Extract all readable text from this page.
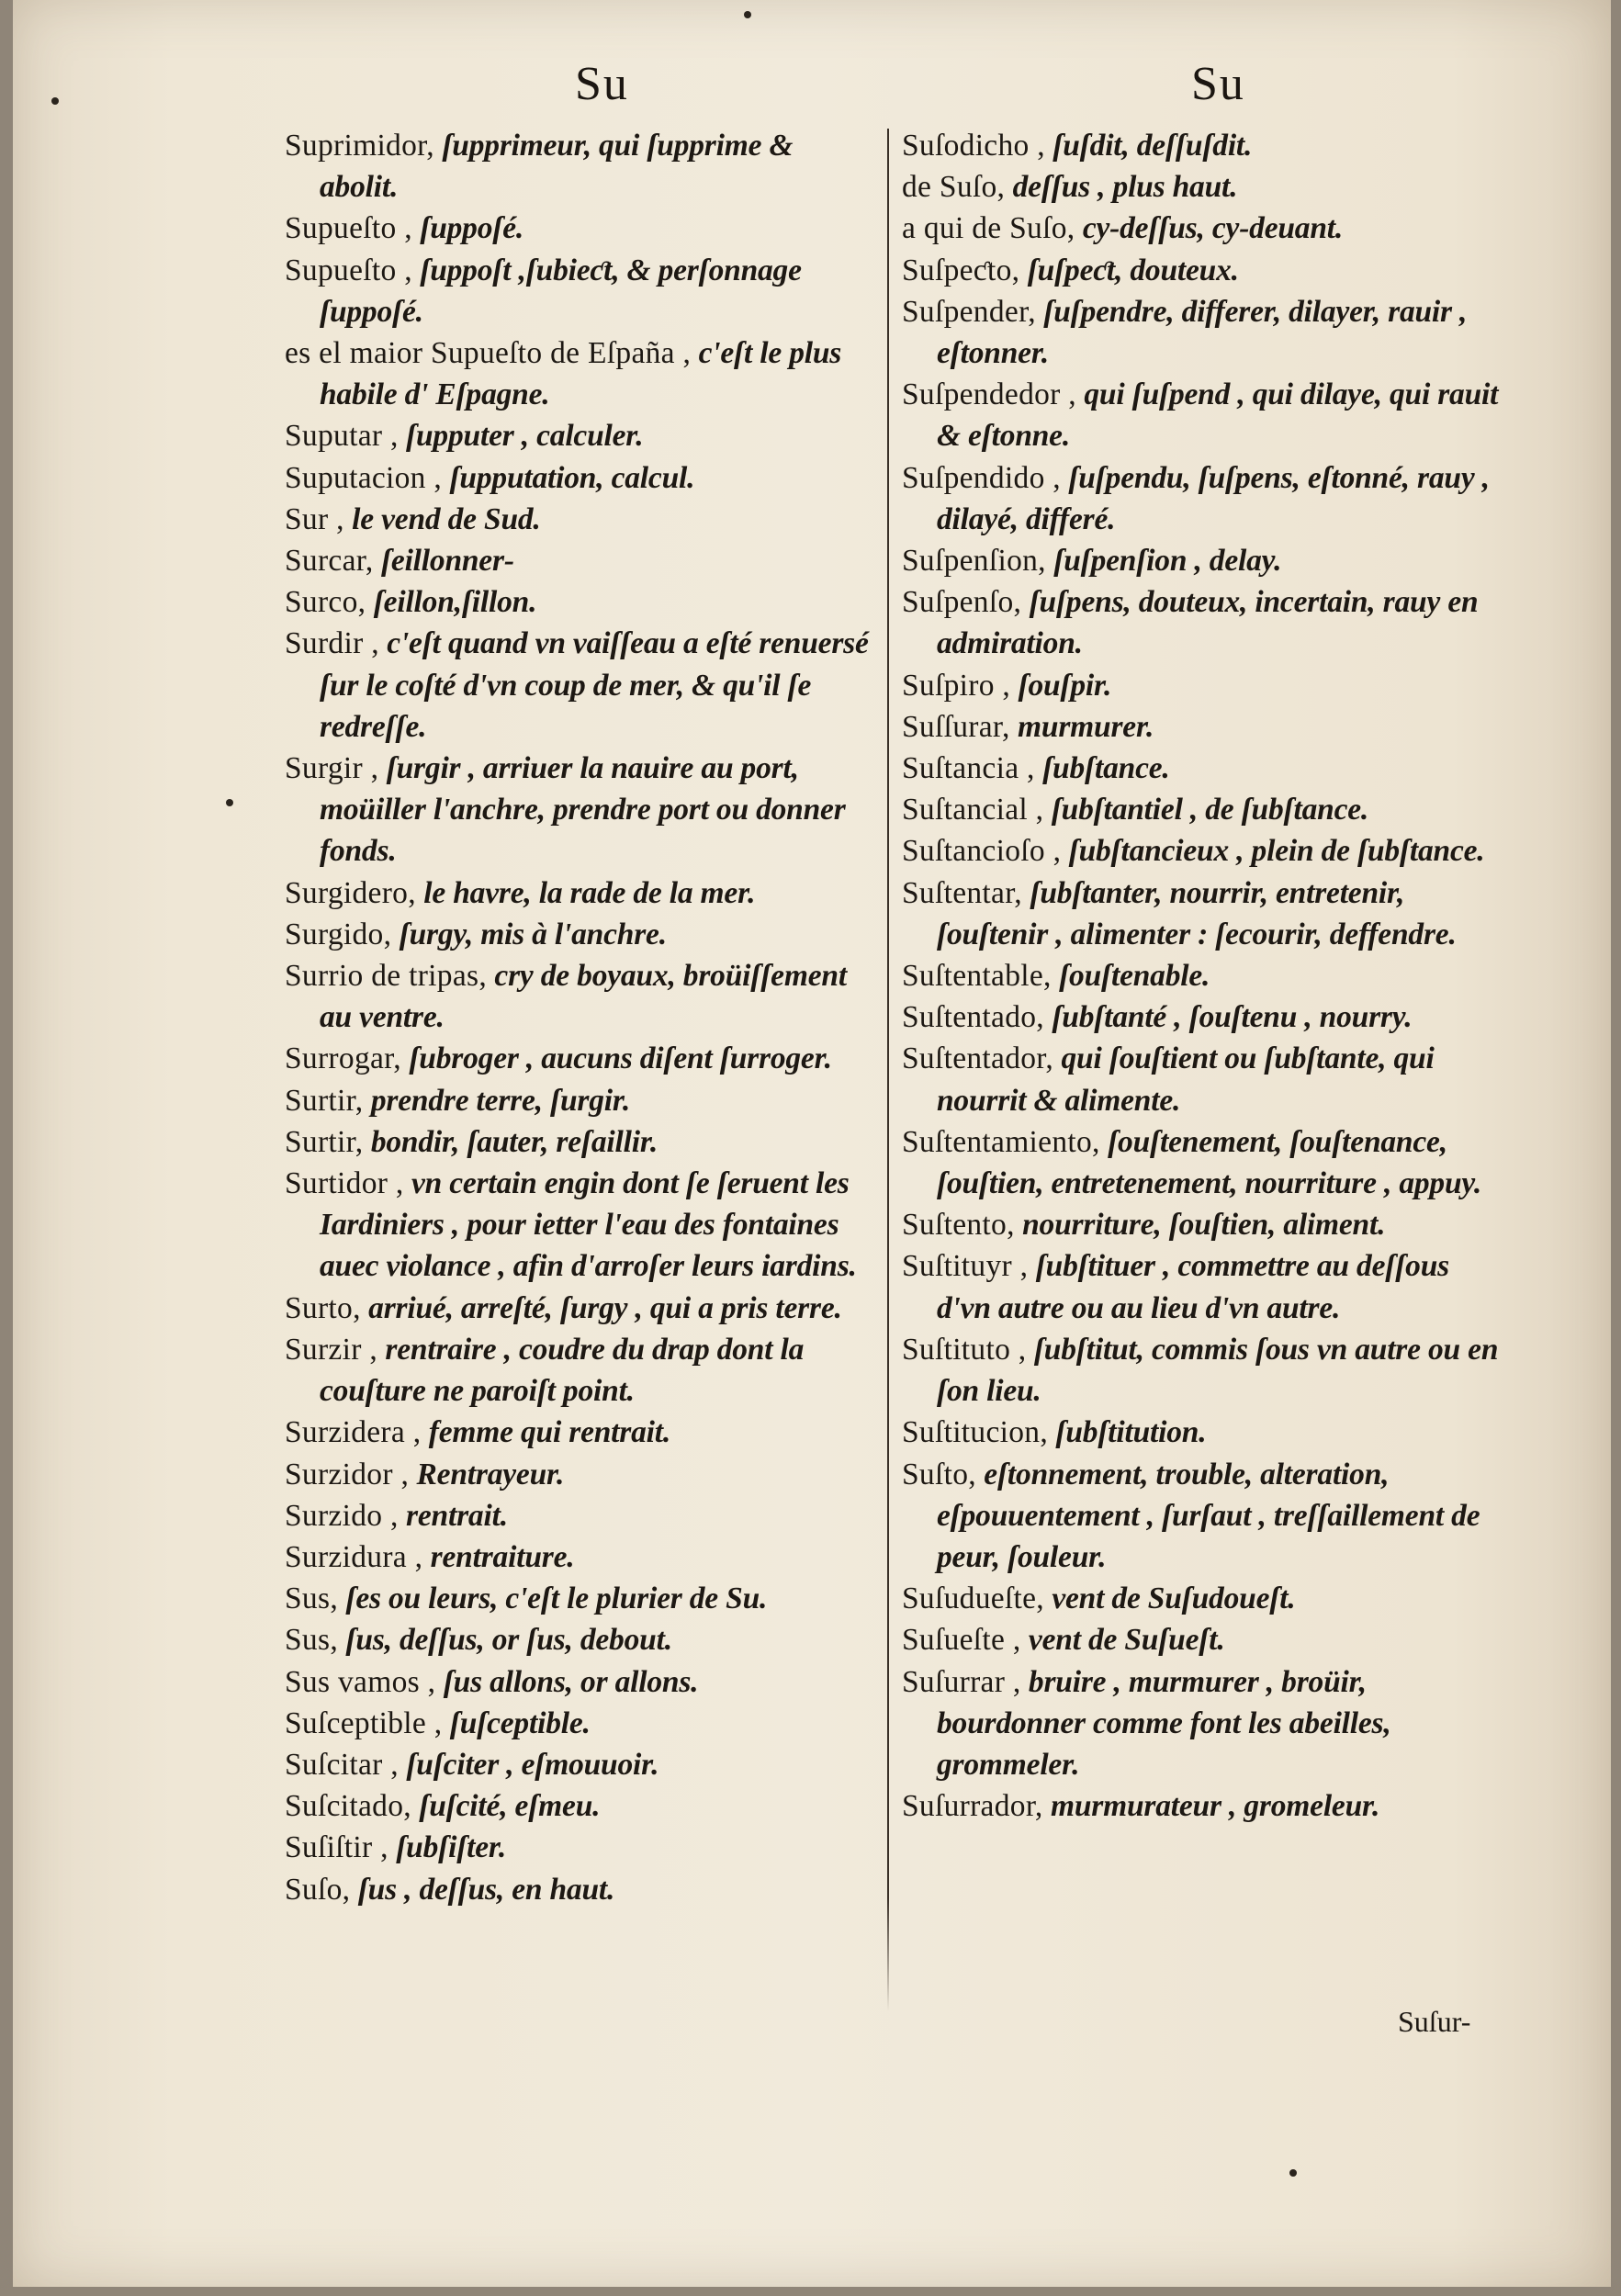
Su	Su

Suprimidor, ſupprimeur, qui ſupprime & abolit.

Supueſto , ſuppoſé.

Supueſto , ſuppoſt ,ſubieƈt, & perſonnage ſuppoſé.

es el maior Supueſto de Eſpaña , c'eſt le plus habile d' Eſpagne.

Suputar , ſupputer , calculer.

Suputacion , ſupputation, calcul.

Sur , le vend de Sud.

Surcar, ſeillonner-

Surco, ſeillon,ſillon.

Surdir , c'eſt quand vn vaiſſeau a eſté renuersé ſur le coſté d'vn coup de mer, & qu'il ſe redreſſe.

Surgir , ſurgir , arriuer la nauire au port, moüiller l'anchre, prendre port ou donner fonds.

Surgidero, le havre, la rade de la mer.

Surgido, ſurgy, mis à l'anchre.

Surrio de tripas, cry de boyaux, broüiſſement au ventre.

Surrogar, ſubroger , aucuns diſent ſurroger.

Surtir, prendre terre, ſurgir.

Surtir, bondir, ſauter, reſaillir.

Surtidor , vn certain engin dont ſe ſeruent les Iardiniers , pour ietter l'eau des fontaines auec violance , afin d'arroſer leurs iardins.

Surto, arriué, arreſté, ſurgy , qui a pris terre.

Surzir , rentraire , coudre du drap dont la couſture ne paroiſt point.

Surzidera , femme qui rentrait.

Surzidor , Rentrayeur.

Surzido , rentrait.

Surzidura , rentraiture.

Sus, ſes ou leurs, c'eſt le plurier de Su.

Sus, ſus, deſſus, or ſus, debout.

Sus vamos , ſus allons, or allons.

Suſceptible , ſuſceptible.

Suſcitar , ſuſciter , eſmouuoir.

Suſcitado, ſuſcité, eſmeu.

Suſiſtir , ſubſiſter.

Suſo, ſus , deſſus, en haut.

Suſodicho , ſuſdit, deſſuſdit.

de Suſo, deſſus , plus haut.

a qui de Suſo, cy-deſſus, cy-deuant.

Suſpeƈto, ſuſpeƈt, douteux.

Suſpender, ſuſpendre, differer, dilayer, rauir , eſtonner.

Suſpendedor , qui ſuſpend , qui dilaye, qui rauit & eſtonne.

Suſpendido , ſuſpendu, ſuſpens, eſtonné, rauy , dilayé, differé.

Suſpenſion, ſuſpenſion , delay.

Suſpenſo, ſuſpens, douteux, incertain, rauy en admiration.

Suſpiro , ſouſpir.

Suſſurar, murmurer.

Suſtancia , ſubſtance.

Suſtancial , ſubſtantiel , de ſubſtance.

Suſtancioſo , ſubſtancieux , plein de ſubſtance.

Suſtentar, ſubſtanter, nourrir, entretenir, ſouſtenir , alimenter : ſecourir, deffendre.

Suſtentable, ſouſtenable.

Suſtentado, ſubſtanté , ſouſtenu , nourry.

Suſtentador, qui ſouſtient ou ſubſtante, qui nourrit & alimente.

Suſtentamiento, ſouſtenement, ſouſtenance, ſouſtien, entretenement, nourriture , appuy.

Suſtento, nourriture, ſouſtien, aliment.

Suſtituyr , ſubſtituer , commettre au deſſous d'vn autre ou au lieu d'vn autre.

Suſtituto , ſubſtitut, commis ſous vn autre ou en ſon lieu.

Suſtitucion, ſubſtitution.

Suſto, eſtonnement, trouble, alteration, eſpouuentement , ſurſaut , treſſaillement de peur, ſouleur.

Suſudueſte, vent de Suſudoueſt.

Suſueſte , vent de Suſueſt.

Suſurrar , bruire , murmurer , broüir, bourdonner comme font les abeilles, grommeler.

Suſurrador, murmurateur , gromeleur.

Suſur-
